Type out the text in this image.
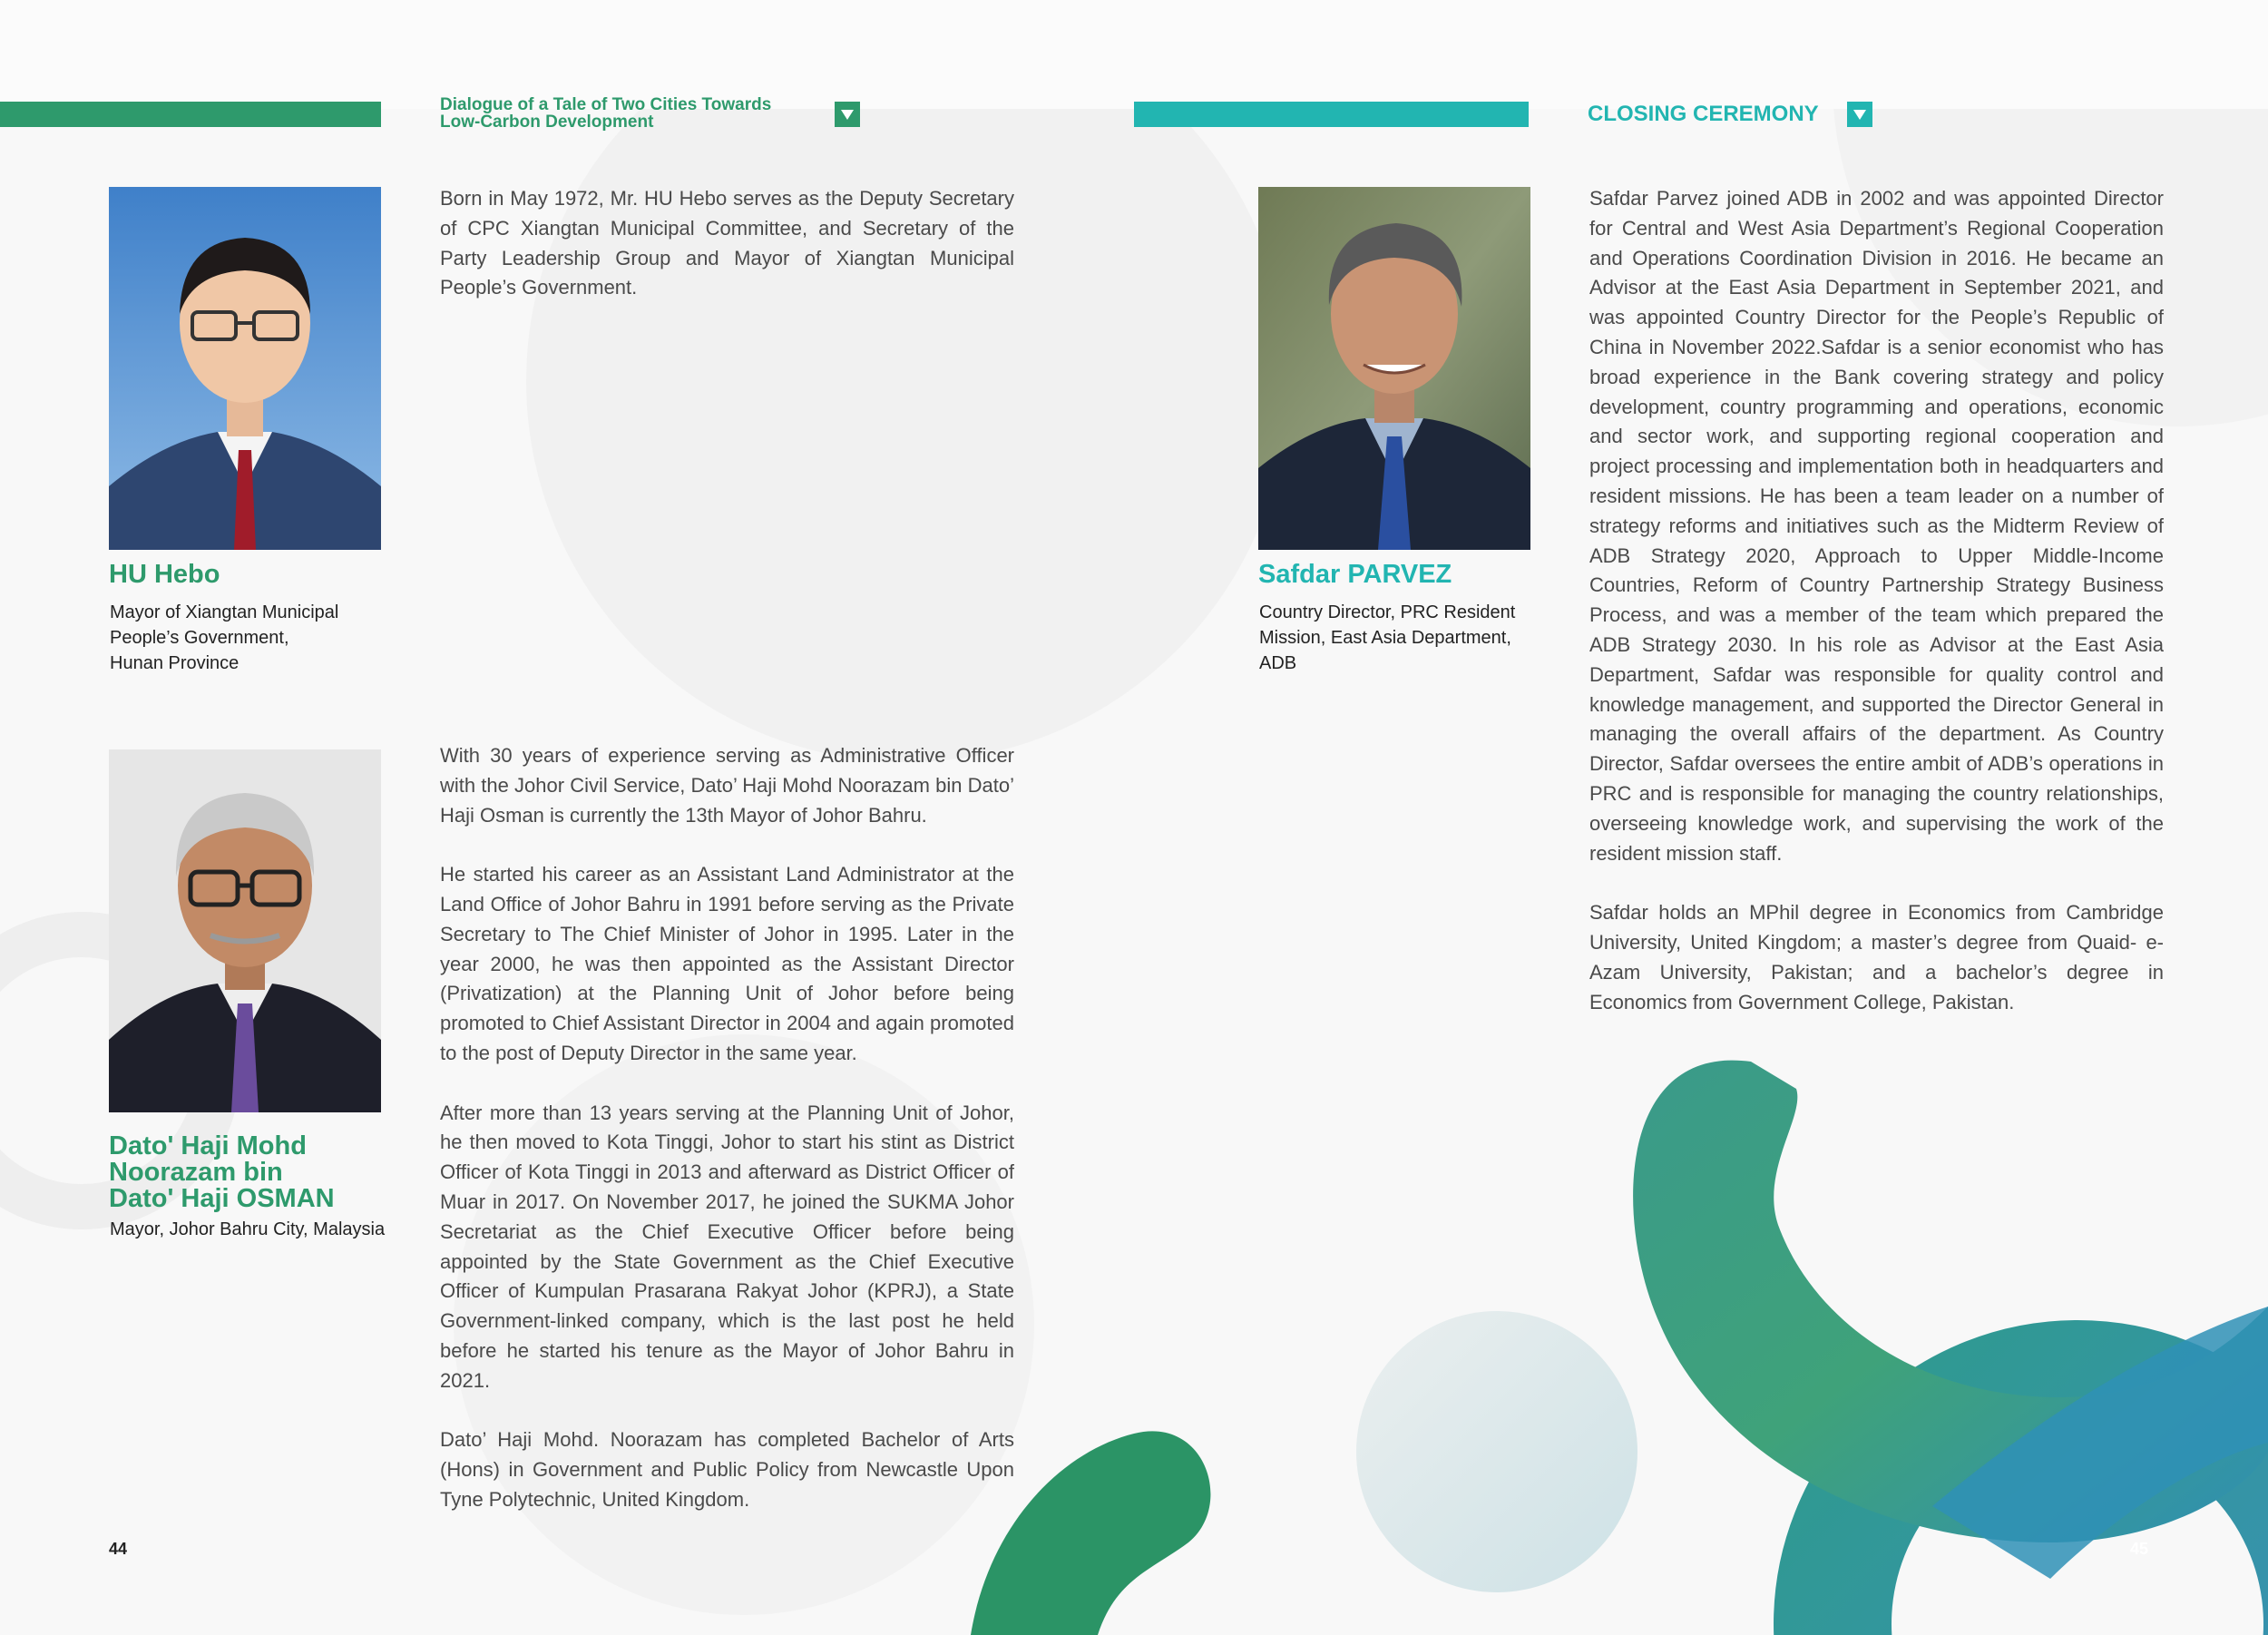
Dialogue of a Tale of Two Cities Towards
Low-Carbon Development
HU Hebo
Mayor of Xiangtan Municipal
People’s Government,
Hunan Province
Born in May 1972, Mr. HU Hebo serves as the Deputy Secretary of CPC Xiangtan Municipal Committee, and Secretary of the Party Leadership Group and Mayor of Xiangtan Municipal People’s Government.
Dato' Haji Mohd
Noorazam bin
Dato' Haji OSMAN
Mayor, Johor Bahru City, Malaysia
With 30 years of experience serving as Administrative Officer with the Johor Civil Service, Dato’ Haji Mohd Noorazam bin Dato’ Haji Osman is currently the 13th Mayor of Johor Bahru.

He started his career as an Assistant Land Administrator at the Land Office of Johor Bahru in 1991 before serving as the Private Secretary to The Chief Minister of Johor in 1995. Later in the year 2000, he was then appointed as the Assistant Director (Privatization) at the Planning Unit of Johor before being promoted to Chief Assistant Director in 2004 and again promoted to the post of Deputy Director in the same year.

After more than 13 years serving at the Planning Unit of Johor, he then moved to Kota Tinggi, Johor to start his stint as District Officer of Kota Tinggi in 2013 and afterward as District Officer of Muar in 2017. On November 2017, he joined the SUKMA Johor Secretariat as the Chief Executive Officer before being appointed by the State Government as the Chief Executive Officer of Kumpulan Prasarana Rakyat Johor (KPRJ), a State Government-linked company, which is the last post he held before he started his tenure as the Mayor of Johor Bahru in 2021.

Dato’ Haji Mohd. Noorazam has completed Bachelor of Arts (Hons) in Government and Public Policy from Newcastle Upon Tyne Polytechnic, United Kingdom.
44
CLOSING CEREMONY
Safdar PARVEZ
Country Director, PRC Resident
Mission, East Asia Department,
ADB
Safdar Parvez joined ADB in 2002 and was appointed Director for Central and West Asia Department’s Regional Cooperation and Operations Coordination Division in 2016. He became an Advisor at the East Asia Department in September 2021, and was appointed Country Director for the People’s Republic of China in November 2022.Safdar is a senior economist who has broad experience in the Bank covering strategy and policy development, country programming and operations, economic and sector work, and supporting regional cooperation and project processing and implementation both in headquarters and resident missions. He has been a team leader on a number of strategy reforms and initiatives such as the Midterm Review of ADB Strategy 2020, Approach to Upper Middle-Income Countries, Reform of Country Partnership Strategy Business Process, and was a member of the team which prepared the ADB Strategy 2030. In his role as Advisor at the East Asia Department, Safdar was responsible for quality control and knowledge management, and supported the Director General in managing the overall affairs of the department. As Country Director, Safdar oversees the entire ambit of ADB’s operations in PRC and is responsible for managing the country relationships, overseeing knowledge work, and supervising the work of the resident mission staff.

Safdar holds an MPhil degree in Economics from Cambridge University, United Kingdom; a master’s degree from Quaid- e-Azam University, Pakistan; and a bachelor’s degree in Economics from Government College, Pakistan.
45
